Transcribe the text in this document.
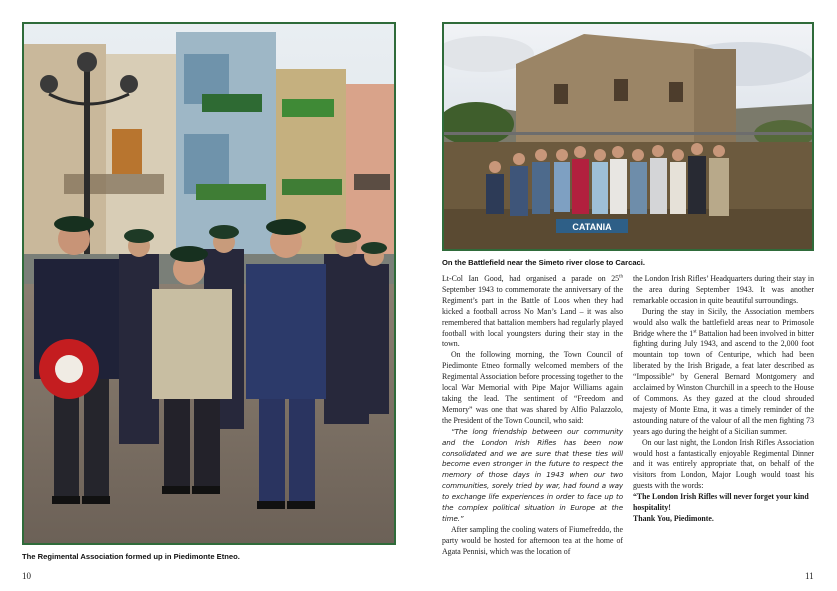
CATANIA
The Regimental Association formed up in Piedimonte Etneo.
On the Battlefield near the Simeto river close to Carcaci.

Lt-Col Ian Good, had organised a parade on 25th September 1943 to commemorate the anniversary of the Regiment’s part in the Battle of Loos when they had kicked a football across No Man’s Land – it was also remembered that battalion members had regularly played football with local youngsters during their stay in the town.

On the following morning, the Town Council of Piedimonte Etneo formally welcomed members of the Regimental Association before processing together to the local War Memorial with Pipe Major Williams again taking the lead. The sentiment of “Freedom and Memory” was one that was shared by Alfio Palazzolo, the President of the Town Council, who said:

“The long friendship between our community and the London Irish Rifles has been now consolidated and we are sure that these ties will become even stronger in the future to respect the memory of those days in 1943 when our two communities, sorely tried by war, had found a way to exchange life experiences in order to face up to the complex political situation in Europe at the time.”

After sampling the cooling waters of Fiumefreddo, the party would be hosted for afternoon tea at the home of Agata Pennisi, which was the location of

the London Irish Rifles’ Headquarters during their stay in the area during September 1943. It was another remarkable occasion in quite beautiful surroundings.

During the stay in Sicily, the Association members would also walk the battlefield areas near to Primosole Bridge where the 1st Battalion had been involved in bitter fighting during July 1943, and ascend to the 2,000 foot mountain top town of Centuripe, which had been liberated by the Irish Brigade, a feat later described as “Impossible” by General Bernard Montgomery and acclaimed by Winston Churchill in a speech to the House of Commons. As they gazed at the cloud shrouded majesty of Monte Etna, it was a timely reminder of the astounding nature of the valour of all the men fighting 73 years ago during the height of a Sicilian summer.

On our last night, the London Irish Rifles Association would host a fantastically enjoyable Regimental Dinner and it was entirely appropriate that, on behalf of the visitors from London, Major Lough would toast his guests with the words:

“The London Irish Rifles will never forget your kind hospitality!

Thank You, Piedimonte.

10	11
